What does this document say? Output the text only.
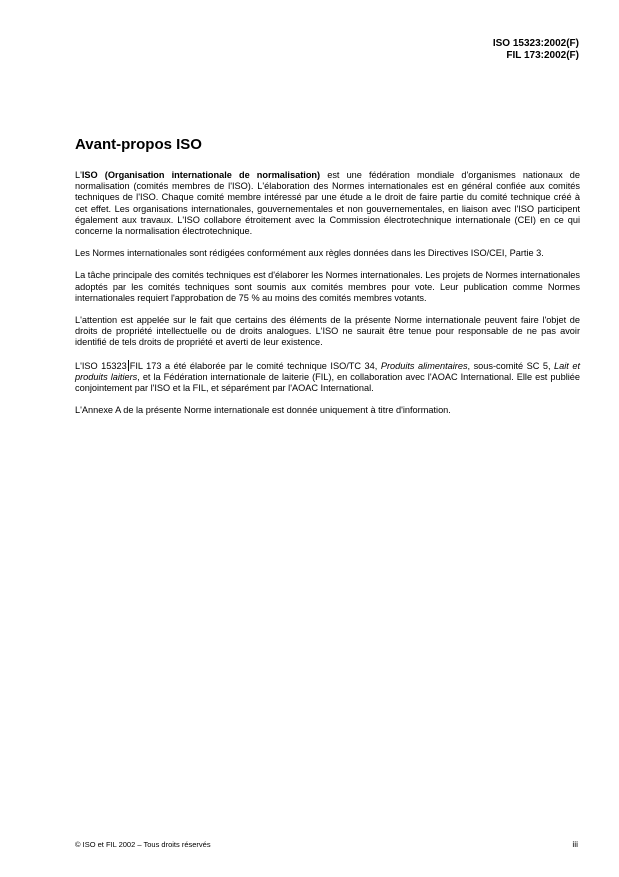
ISO 15323:2002(F)
FIL 173:2002(F)
Avant-propos ISO

L'ISO (Organisation internationale de normalisation) est une fédération mondiale d'organismes nationaux de normalisation (comités membres de l'ISO). L'élaboration des Normes internationales est en général confiée aux comités techniques de l'ISO. Chaque comité membre intéressé par une étude a le droit de faire partie du comité technique créé à cet effet. Les organisations internationales, gouvernementales et non gouvernementales, en liaison avec l'ISO participent également aux travaux. L'ISO collabore étroitement avec la Commission électrotechnique internationale (CEI) en ce qui concerne la normalisation électrotechnique.

Les Normes internationales sont rédigées conformément aux règles données dans les Directives ISO/CEI, Partie 3.

La tâche principale des comités techniques est d'élaborer les Normes internationales. Les projets de Normes internationales adoptés par les comités techniques sont soumis aux comités membres pour vote. Leur publication comme Normes internationales requiert l'approbation de 75 % au moins des comités membres votants.

L'attention est appelée sur le fait que certains des éléments de la présente Norme internationale peuvent faire l'objet de droits de propriété intellectuelle ou de droits analogues. L'ISO ne saurait être tenue pour responsable de ne pas avoir identifié de tels droits de propriété et averti de leur existence.

L'ISO 15323 FIL 173 a été élaborée par le comité technique ISO/TC 34, Produits alimentaires, sous-comité SC 5, Lait et produits laitiers, et la Fédération internationale de laiterie (FIL), en collaboration avec l'AOAC International. Elle est publiée conjointement par l'ISO et la FIL, et séparément par l'AOAC International.

L'Annexe A de la présente Norme internationale est donnée uniquement à titre d'information.

© ISO et FIL 2002 – Tous droits réservés	iii
